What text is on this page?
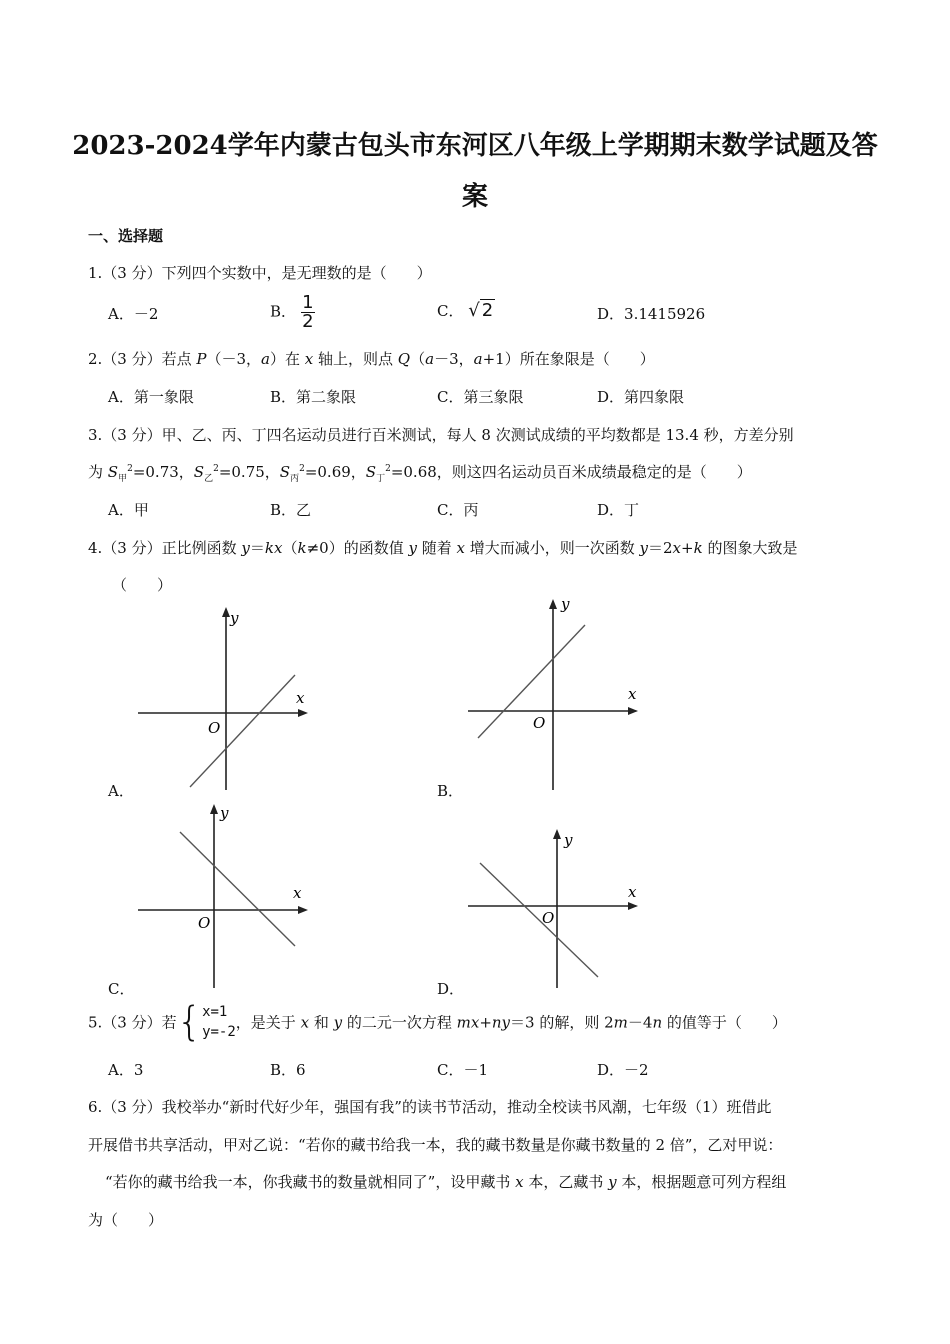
2023-2024学年内蒙古包头市东河区八年级上学期期末数学试题及答
案
一、选择题
1.（3 分）下列四个实数中，是无理数的是（　　）
A．－2	B． $\frac{1}{2}$	C． √ 2	D．3.1415926
2.（3 分）若点 P（－3，a）在 x 轴上，则点 Q（a－3，a+1）所在象限是（　　）
A．第一象限	B．第二象限	C．第三象限	D．第四象限
3.（3 分）甲、乙、丙、丁四名运动员进行百米测试，每人 8 次测试成绩的平均数都是 13.4 秒，方差分别
为 $S_甲^2=0.73$，$S_乙^2=0.75$，$S_丙^2=0.69$，$S_丁^2=0.68$，则这四名运动员百米成绩最稳定的是（　　）
A．甲	B．乙	C．丙	D．丁
4.（3 分）正比例函数 y＝kx（k≠0）的函数值 y 随着 x 增大而减小，则一次函数 y＝2x+k 的图象大致是
（　　）
y
x
O
A．
y
x
O
B．
y
x
O
C．
y
x
O
D．
5.（3 分）若 { x=1
y=-2
，是关于 x 和 y 的二元一次方程 mx+ny＝3 的解，则 2m－4n 的值等于（　　）
A．3	B．6	C．－1	D．－2
6.（3 分）我校举办“新时代好少年，强国有我”的读书节活动，推动全校读书风潮，七年级（1）班借此
开展借书共享活动，甲对乙说：“若你的藏书给我一本，我的藏书数量是你藏书数量的 2 倍”，乙对甲说：
“若你的藏书给我一本，你我藏书的数量就相同了”，设甲藏书 x 本，乙藏书 y 本，根据题意可列方程组
为（　　）
